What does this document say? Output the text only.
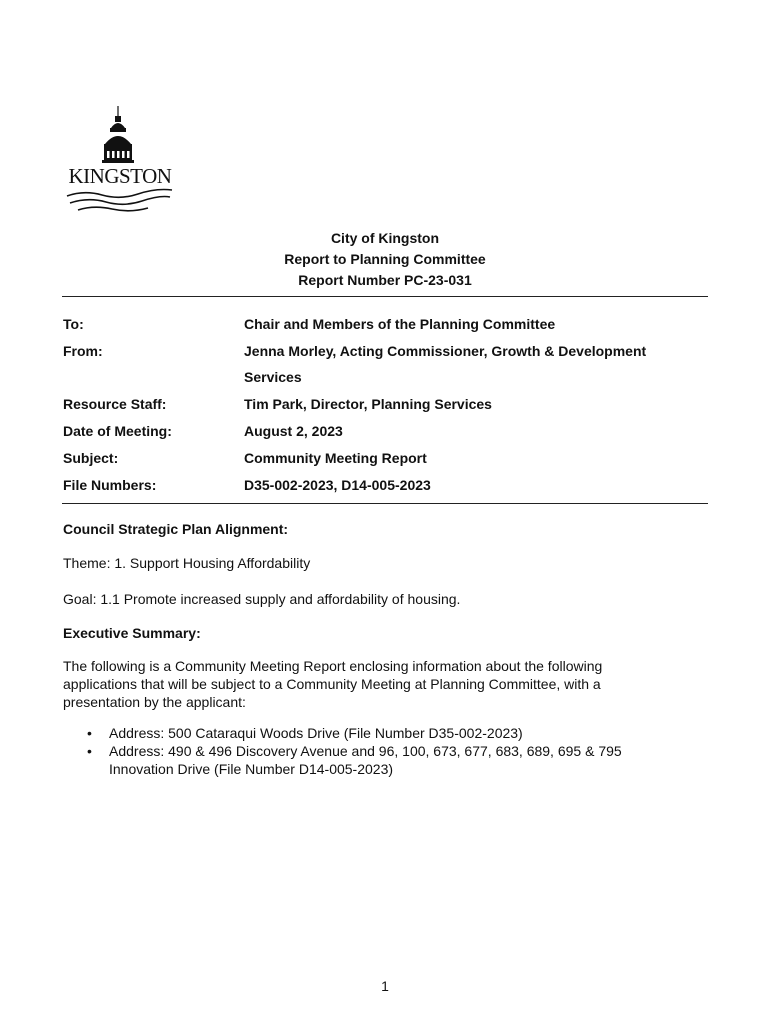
KINGSTON
City of Kingston
Report to Planning Committee
Report Number PC-23-031
To:	Chair and Members of the Planning Committee
From:	Jenna Morley, Acting Commissioner, Growth & Development
Services
Resource Staff:	Tim Park, Director, Planning Services
Date of Meeting:	August 2, 2023
Subject:	Community Meeting Report
File Numbers:	D35-002-2023, D14-005-2023
Council Strategic Plan Alignment:
Theme: 1. Support Housing Affordability
Goal: 1.1 Promote increased supply and affordability of housing.
Executive Summary:
The following is a Community Meeting Report enclosing information about the following
applications that will be subject to a Community Meeting at Planning Committee, with a
presentation by the applicant:
• Address: 500 Cataraqui Woods Drive (File Number D35-002-2023)
• Address: 490 & 496 Discovery Avenue and 96, 100, 673, 677, 683, 689, 695 & 795
Innovation Drive (File Number D14-005-2023)
1
